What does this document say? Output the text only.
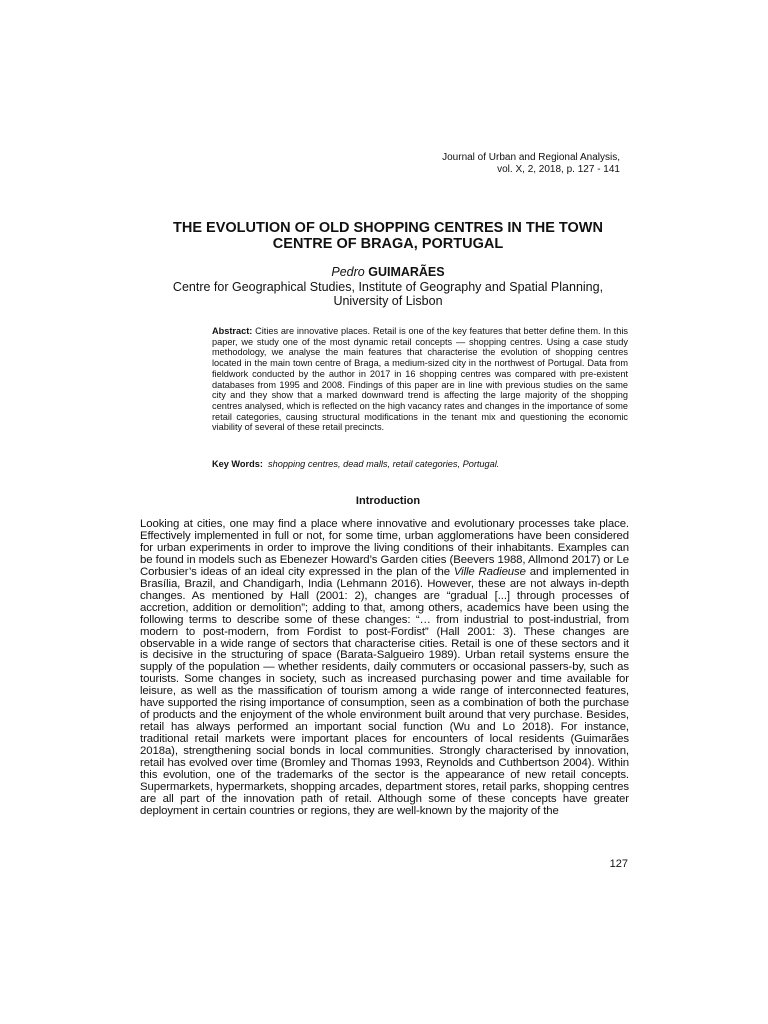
Journal of Urban and Regional Analysis,
vol. X, 2, 2018, p. 127 - 141
THE EVOLUTION OF OLD SHOPPING CENTRES IN THE TOWN
CENTRE OF BRAGA, PORTUGAL
Pedro GUIMARÃES
Centre for Geographical Studies, Institute of Geography and Spatial Planning,
University of Lisbon

Abstract: Cities are innovative places. Retail is one of the key features that better define them. In this paper, we study one of the most dynamic retail concepts — shopping centres. Using a case study methodology, we analyse the main features that characterise the evolution of shopping centres located in the main town centre of Braga, a medium-sized city in the northwest of Portugal. Data from fieldwork conducted by the author in 2017 in 16 shopping centres was compared with pre-existent databases from 1995 and 2008. Findings of this paper are in line with previous studies on the same city and they show that a marked downward trend is affecting the large majority of the shopping centres analysed, which is reflected on the high vacancy rates and changes in the importance of some retail categories, causing structural modifications in the tenant mix and questioning the economic viability of several of these retail precincts.

Key Words: shopping centres, dead malls, retail categories, Portugal.

Introduction

Looking at cities, one may find a place where innovative and evolutionary processes take place. Effectively implemented in full or not, for some time, urban agglomerations have been considered for urban experiments in order to improve the living conditions of their inhabitants. Examples can be found in models such as Ebenezer Howard’s Garden cities (Beevers 1988, Allmond 2017) or Le Corbusier’s ideas of an ideal city expressed in the plan of the Ville Radieuse and implemented in Brasília, Brazil, and Chandigarh, India (Lehmann 2016). However, these are not always in-depth changes. As mentioned by Hall (2001: 2), changes are “gradual [...] through processes of accretion, addition or demolition”; adding to that, among others, academics have been using the following terms to describe some of these changes: “… from industrial to post-industrial, from modern to post-modern, from Fordist to post-Fordist” (Hall 2001: 3). These changes are observable in a wide range of sectors that characterise cities. Retail is one of these sectors and it is decisive in the structuring of space (Barata-Salgueiro 1989). Urban retail systems ensure the supply of the population — whether residents, daily commuters or occasional passers-by, such as tourists. Some changes in society, such as increased purchasing power and time available for leisure, as well as the massification of tourism among a wide range of interconnected features, have supported the rising importance of consumption, seen as a combination of both the purchase of products and the enjoyment of the whole environment built around that very purchase. Besides, retail has always performed an important social function (Wu and Lo 2018). For instance, traditional retail markets were important places for encounters of local residents (Guimarães 2018a), strengthening social bonds in local communities. Strongly characterised by innovation, retail has evolved over time (Bromley and Thomas 1993, Reynolds and Cuthbertson 2004). Within this evolution, one of the trademarks of the sector is the appearance of new retail concepts. Supermarkets, hypermarkets, shopping arcades, department stores, retail parks, shopping centres are all part of the innovation path of retail. Although some of these concepts have greater deployment in certain countries or regions, they are well-known by the majority of the

127
